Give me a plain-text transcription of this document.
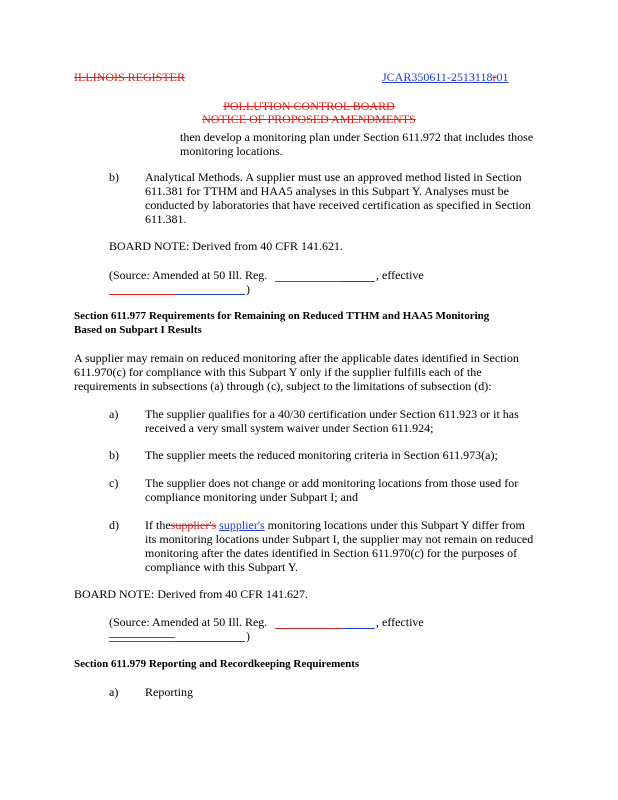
ILLINOIS REGISTER	JCAR350611-2513118r01
POLLUTION CONTROL BOARD
NOTICE OF PROPOSED AMENDMENTS
then develop a monitoring plan under Section 611.972 that includes those
monitoring locations.
b) Analytical Methods. A supplier must use an approved method listed in Section
611.381 for TTHM and HAA5 analyses in this Subpart Y. Analyses must be
conducted by laboratories that have received certification as specified in Section
611.381.
BOARD NOTE: Derived from 40 CFR 141.621.
(Source: Amended at 50 Ill. Reg.	, effective
)
Section 611.977 Requirements for Remaining on Reduced TTHM and HAA5 Monitoring
Based on Subpart I Results
A supplier may remain on reduced monitoring after the applicable dates identified in Section
611.970(c) for compliance with this Subpart Y only if the supplier fulfills each of the
requirements in subsections (a) through (c), subject to the limitations of subsection (d):
a) The supplier qualifies for a 40/30 certification under Section 611.923 or it has
received a very small system waiver under Section 611.924;
b) The supplier meets the reduced monitoring criteria in Section 611.973(a);
c) The supplier does not change or add monitoring locations from those used for
compliance monitoring under Subpart I; and
d) If thesupplier's supplier's monitoring locations under this Subpart Y differ from
its monitoring locations under Subpart I, the supplier may not remain on reduced
monitoring after the dates identified in Section 611.970(c) for the purposes of
compliance with this Subpart Y.
BOARD NOTE: Derived from 40 CFR 141.627.
(Source: Amended at 50 Ill. Reg.	, effective
)
Section 611.979 Reporting and Recordkeeping Requirements
a) Reporting
